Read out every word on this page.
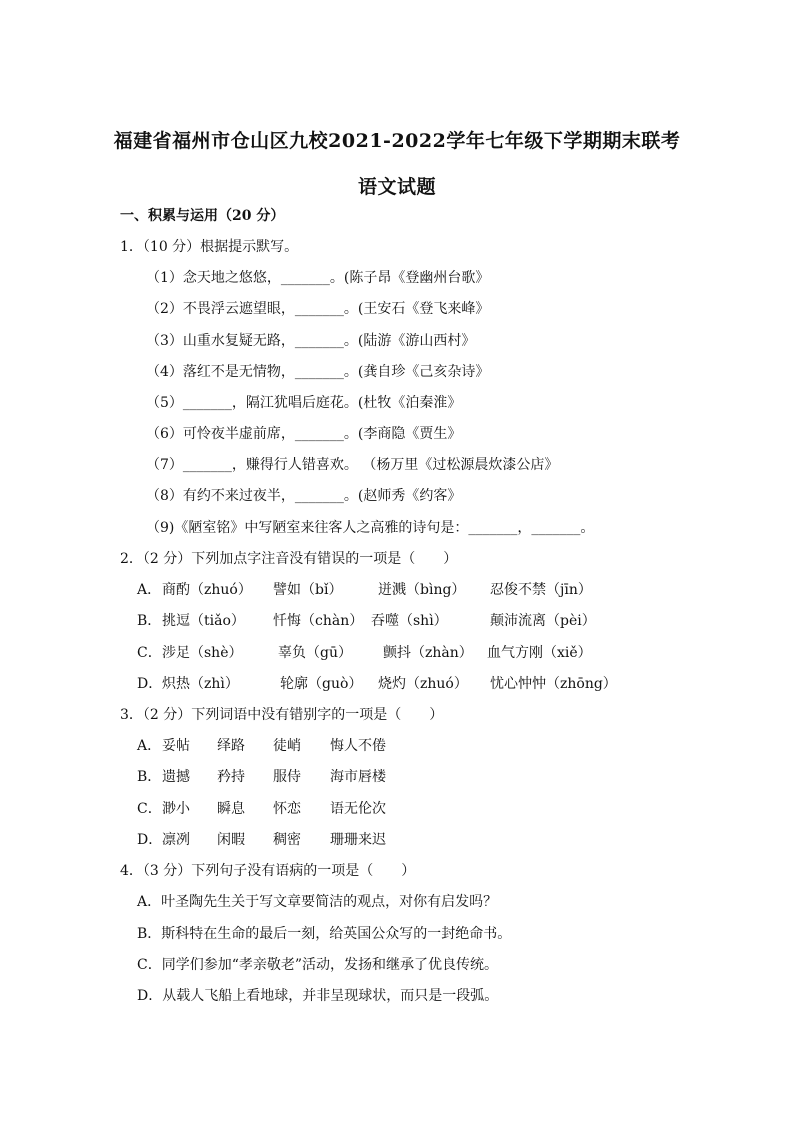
福建省福州市仓山区九校2021-2022学年七年级下学期期末联考
语文试题
一、积累与运用（20 分）
1．（10 分）根据提示默写。
（1）念天地之悠悠，_______。(陈子昂《登幽州台歌》
（2）不畏浮云遮望眼，_______。(王安石《登飞来峰》
（3）山重水复疑无路，_______。(陆游《游山西村》
（4）落红不是无情物，_______。(龚自珍《己亥杂诗》
（5）_______，隔江犹唱后庭花。(杜牧《泊秦淮》
（6）可怜夜半虚前席，_______。(李商隐《贾生》
（7）_______，赚得行人错喜欢。 （杨万里《过松源晨炊漆公店》
（8）有约不来过夜半，_______。(赵师秀《约客》
（9)《陋室铭》中写陋室来往客人之高雅的诗句是：_______，_______。
2．（2 分）下列加点字注音没有错误的一项是（　　）
A． 商酌（zhuó） 譬如（bǐ）	迸溅（bìng） 忍俊不禁（jīn）
B． 挑逗（tiǎo） 忏悔（chàn） 吞噬（shì）	颠沛流离（pèi）
C． 涉足（shè）	辜负（gū） 颤抖（zhàn） 血气方刚（xiě）
D． 炽热（zhì）	轮廓（guò） 烧灼（zhuó） 忧心忡忡（zhōng）
3．（2 分）下列词语中没有错别字的一项是（　　）
A． 妥帖 绎路 徒峭 悔人不倦
B． 遗撼 矜持 服侍 海市唇楼
C． 渺小 瞬息 怀恋 语无伦次
D． 凛冽 闲暇 稠密 珊珊来迟
4．（3 分）下列句子没有语病的一项是（　　）
A．叶圣陶先生关于写文章要简洁的观点，对你有启发吗？
B．斯科特在生命的最后一刻，给英国公众写的一封绝命书。
C．同学们参加“孝亲敬老”活动，发扬和继承了优良传统。
D．从载人飞船上看地球，并非呈现球状，而只是一段弧。
